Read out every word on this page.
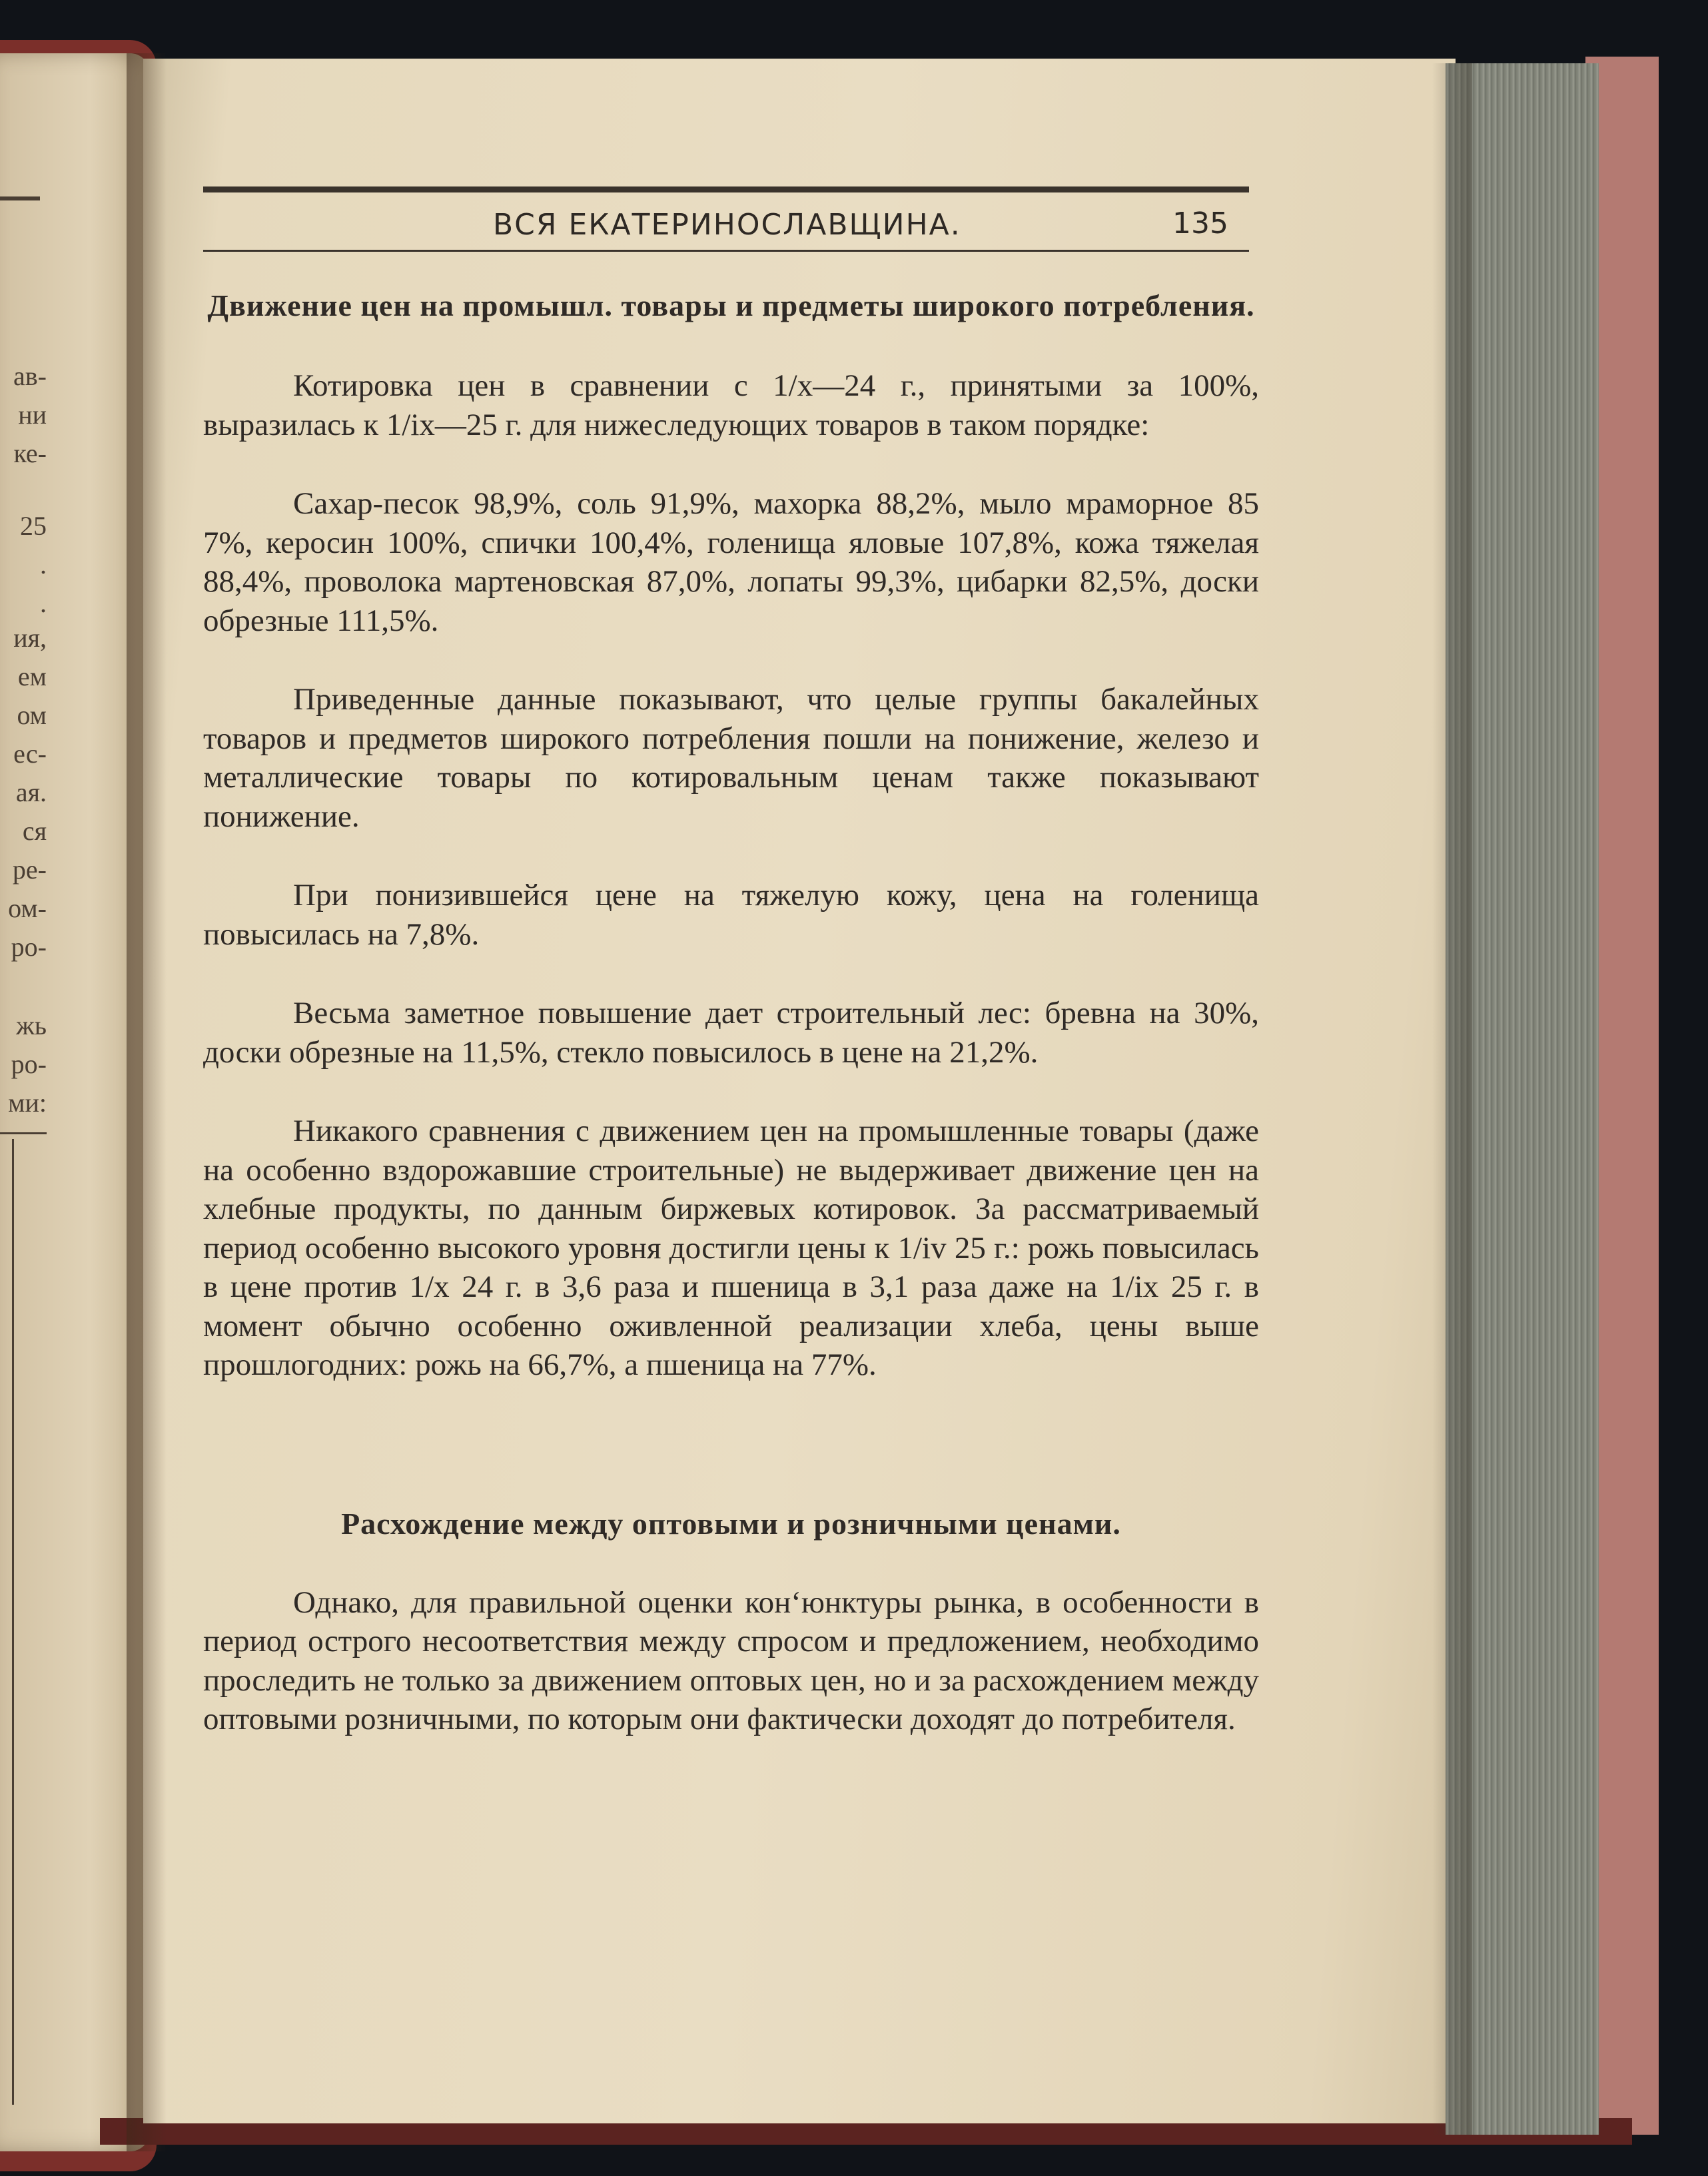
ав-
ни
ке-
25
.
.
ия,
ем
ом
ес-
ая.
ся
ре-
ом-
ро-
жь
ро-
ми:
ВСЯ ЕКАТЕРИНОСЛАВЩИНА.	135
Движение цен на промышл. товары и предметы широкого потребления.

Котировка цен в сравнении с 1/x—24 г., принятыми за 100%, выразилась к 1/ix—25 г. для нижеследующих товаров в таком порядке:

Сахар-песок 98,9%, соль 91,9%, махорка 88,2%, мыло мраморное 85 7%, керосин 100%, спички 100,4%, голенища яловые 107,8%, кожа тяжелая 88,4%, проволока мартеновская 87,0%, лопаты 99,3%, цибарки 82,5%, доски обрезные 111,5%.

Приведенные данные показывают, что целые группы бакалейных товаров и предметов широкого потребления пошли на понижение, железо и металлические товары по котировальным ценам также показывают понижение.

При понизившейся цене на тяжелую кожу, цена на голенища повысилась на 7,8%.

Весьма заметное повышение дает строительный лес: бревна на 30%, доски обрезные на 11,5%, стекло повысилось в цене на 21,2%.

Никакого сравнения с движением цен на промышленные товары (даже на особенно вздорожавшие строительные) не выдерживает движение цен на хлебные продукты, по данным биржевых котировок. За рассматриваемый период особенно высокого уровня достигли цены к 1/iv 25 г.: рожь повысилась в цене против 1/x 24 г. в 3,6 раза и пшеница в 3,1 раза даже на 1/ix 25 г. в момент обычно особенно оживленной реализации хлеба, цены выше прошлогодних: рожь на 66,7%, а пшеница на 77%.

Расхождение между оптовыми и розничными ценами.

Однако, для правильной оценки кон‘юнктуры рынка, в особенности в период острого несоответствия между спросом и предложением, необходимо проследить не только за движением оптовых цен, но и за расхождением между оптовыми розничными, по которым они фактически доходят до потребителя.
